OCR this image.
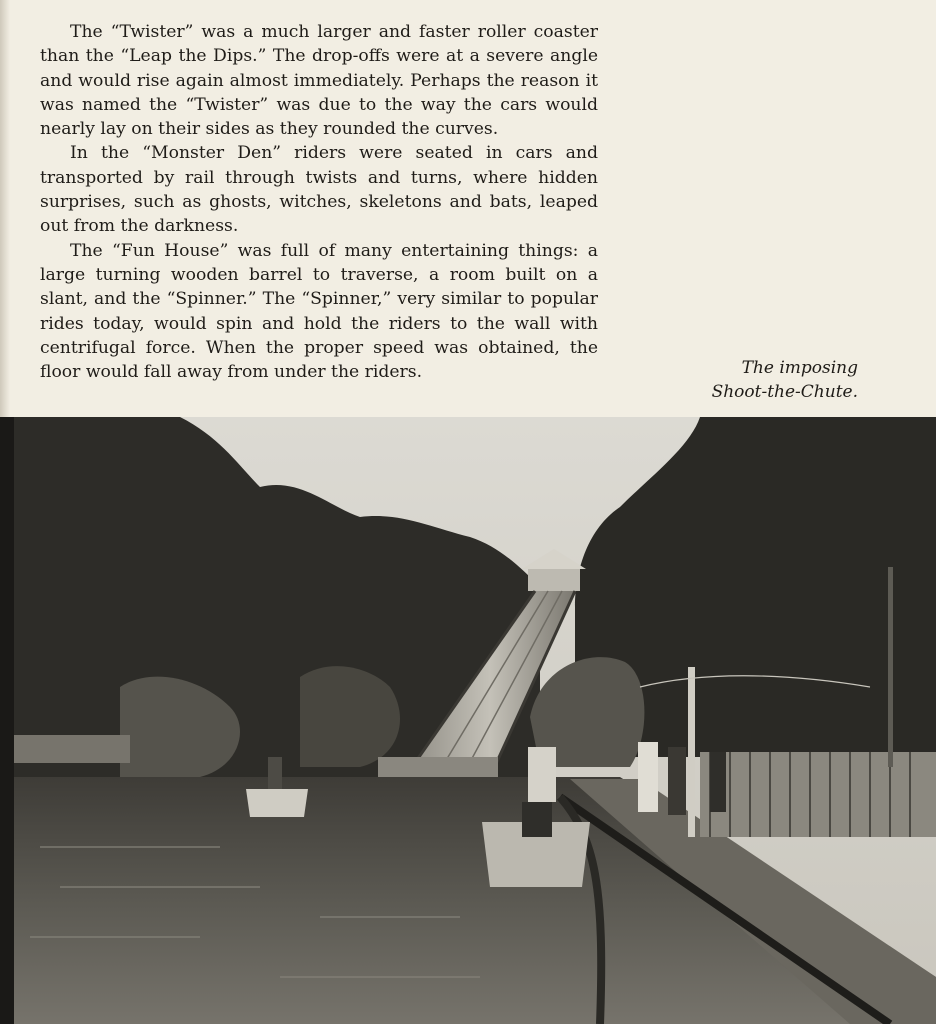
The “Twister” was a much larger and faster roller coaster than the “Leap the Dips.” The drop-offs were at a severe angle and would rise again almost immediately. Perhaps the reason it was named the “Twister” was due to the way the cars would nearly lay on their sides as they rounded the curves.

In the “Monster Den” riders were seated in cars and transported by rail through twists and turns, where hidden surprises, such as ghosts, witches, skeletons and bats, leaped out from the darkness.

The “Fun House” was full of many entertaining things: a large turning wooden barrel to traverse, a room built on a slant, and the “Spinner.” The “Spinner,” very similar to popular rides today, would spin and hold the riders to the wall with centrifugal force. When the proper speed was obtained, the floor would fall away from under the riders.	The imposing
Shoot-the-Chute.
